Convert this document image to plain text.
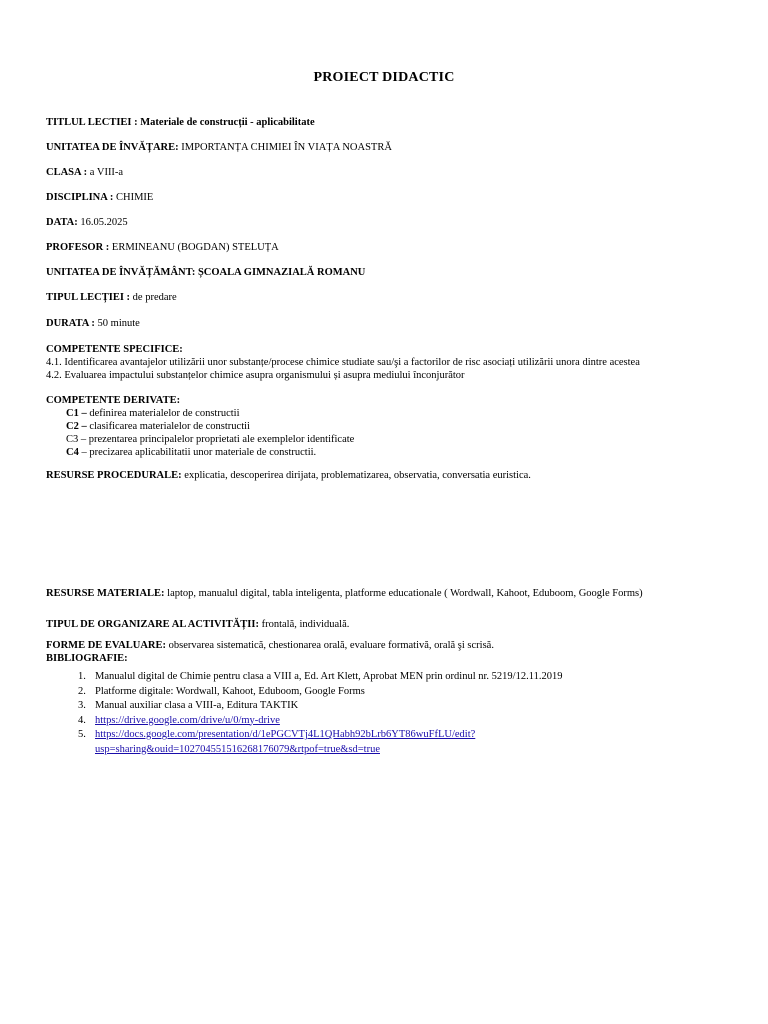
PROIECT DIDACTIC
TITLUL LECTIEI : Materiale de construcții - aplicabilitate
UNITATEA DE ÎNVĂȚARE: IMPORTANȚA CHIMIEI ÎN VIAȚA NOASTRĂ
CLASA : a VIII-a
DISCIPLINA : CHIMIE
DATA: 16.05.2025
PROFESOR : ERMINEANU (BOGDAN) STELUȚA
UNITATEA DE ÎNVĂȚĂMÂNT: ȘCOALA GIMNAZIALĂ ROMANU
TIPUL LECȚIEI : de predare
DURATA : 50 minute
COMPETENTE SPECIFICE:
4.1. Identificarea avantajelor utilizării unor substanțe/procese chimice studiate sau/şi a factorilor de risc asociați utilizării unora dintre acestea
4.2. Evaluarea impactului substanțelor chimice asupra organismului și asupra mediului înconjurător
COMPETENTE DERIVATE:
C1 – definirea materialelor de constructii
C2 – clasificarea materialelor de constructii
C3 – prezentarea principalelor proprietati ale exemplelor identificate
C4 – precizarea aplicabilitatii unor materiale de constructii.
RESURSE PROCEDURALE: explicatia, descoperirea dirijata, problematizarea, observatia, conversatia euristica.
RESURSE MATERIALE: laptop, manualul digital, tabla inteligenta, platforme educationale ( Wordwall, Kahoot, Eduboom, Google Forms)
TIPUL DE ORGANIZARE AL ACTIVITĂȚII: frontală, individuală.
FORME DE EVALUARE: observarea sistematică, chestionarea orală, evaluare formativă, orală şi scrisă.
BIBLIOGRAFIE:
1. Manualul digital de Chimie pentru clasa a VIII a, Ed. Art Klett, Aprobat MEN prin ordinul nr. 5219/12.11.2019
2. Platforme digitale: Wordwall, Kahoot, Eduboom, Google Forms
3. Manual auxiliar clasa a VIII-a, Editura TAKTIK
4. https://drive.google.com/drive/u/0/my-drive
5. https://docs.google.com/presentation/d/1ePGCVTj4L1QHabh92bLrb6YT86wuFfLU/edit?
usp=sharing&ouid=102704551516268176079&rtpof=true&sd=true
